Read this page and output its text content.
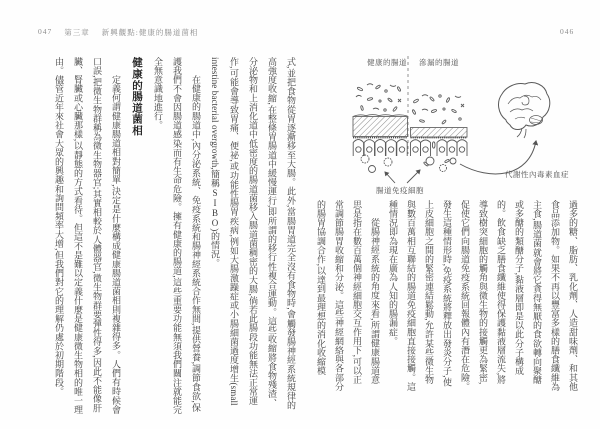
047 第三章 新興觀點:健康的腸道菌相	046
健康的腸道 滲漏的腸道
腸道免疫細胞
代謝性內毒素血症

過多的糖、脂肪、乳化劑、人造甜味劑、和其他食品添加物。如果不再以豐富多樣的膳食纖維為主食,腸道菌就會將它貪得無厭的食欲轉向聚醣或多醣的類醣分子,黏液層即是以此分子構成的。飲食缺乏膳食纖維使得保護黏液層流失,將導致樹突細胞的觸角與微生物的接觸更為緊密,促使它們向腸道免疫系統回報體內有潛在危險。發生這種情形時,免疫系統將釋放出發炎分子,使上皮細胞之間的緊密連結鬆動,允許某些微生物與數百萬相互聯結的腸道免疫細胞直接接觸。這種情況即為現在廣為人知的腸漏症。

從腸神經系統的角度來看,所謂健康腸道意思是指在數百萬個神經細胞交互作用下,可以正常調節腸胃收縮和分泌。這些神經網絡與各部分的腸胃協調合作,以達到最理想的消化收縮模

式,並把食物從胃逐漸移至大腸。此外,當腸胃道完全沒有食物時,會觸發腸神經系統規律的高強度收縮,在整條胃腸道中緩慢運行,即所謂的移行性複合運動。這些收縮將食物殘渣、分泌物和上消化道中低密度的腸道菌移入腸道菌稠密的大腸,倘若此腸段功能無法正常運作,可能會導致胃痛、便祕,或功能性腸胃疾病,例如大腸激躁症或小腸細菌過度增生(small intestine bacterial overgrowth,簡稱SIBO)的情況。

在健康的腸道中,內分泌系統、免疫系統和腸神經系統合作無間,提供營養,調節食欲,保護我們不會因腸道感染而有生命危險。擁有健康的腸道,這些重要功能無須我們關注就能完全無意識地進行。

健康的腸道菌相

定義何謂健康腸道相對簡單,決定是什麼構成健康腸道菌相則複雜得多。人們有時候會口誤,把微生物群稱為微生物器官;其實相較於人體器官,微生物群要彈性得多,因此不能像肝臟、腎臟或心臟那樣,以靜態的方式看待。但這不是難以定義什麼是健康微生物相的唯一理由。儘管近年來社會大眾的興趣和詢問頻率大增,但我們對它的理解仍處於初期階段。
